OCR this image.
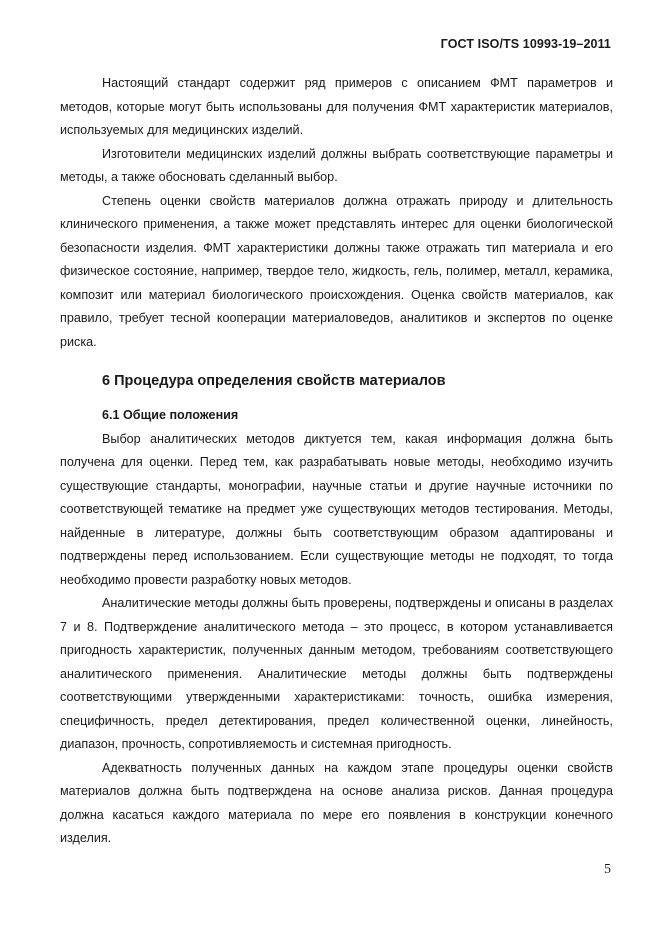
ГОСТ ISO/TS 10993-19–2011

Настоящий стандарт содержит ряд примеров с описанием ФМТ параметров и методов, которые могут быть использованы для получения ФМТ характеристик материалов, используемых для медицинских изделий.

Изготовители медицинских изделий должны выбрать соответствующие параметры и методы, а также обосновать сделанный выбор.

Степень оценки свойств материалов должна отражать природу и длительность клинического применения, а также может представлять интерес для оценки биологической безопасности изделия. ФМТ характеристики должны также отражать тип материала и его физическое состояние, например, твердое тело, жидкость, гель, полимер, металл, керамика, композит или материал биологического происхождения. Оценка свойств материалов, как правило, требует тесной кооперации материаловедов, аналитиков и экспертов по оценке риска.

6 Процедура определения свойств материалов
6.1 Общие положения

Выбор аналитических методов диктуется тем, какая информация должна быть получена для оценки. Перед тем, как разрабатывать новые методы, необходимо изучить существующие стандарты, монографии, научные статьи и другие научные источники по соответствующей тематике на предмет уже существующих методов тестирования. Методы, найденные в литературе, должны быть соответствующим образом адаптированы и подтверждены перед использованием. Если существующие методы не подходят, то тогда необходимо провести разработку новых методов.

Аналитические методы должны быть проверены, подтверждены и описаны в разделах 7 и 8. Подтверждение аналитического метода – это процесс, в котором устанавливается пригодность характеристик, полученных данным методом, требованиям соответствующего аналитического применения. Аналитические методы должны быть подтверждены соответствующими утвержденными характеристиками: точность, ошибка измерения, специфичность, предел детектирования, предел количественной оценки, линейность, диапазон, прочность, сопротивляемость и системная пригодность.

Адекватность полученных данных на каждом этапе процедуры оценки свойств материалов должна быть подтверждена на основе анализа рисков. Данная процедура должна касаться каждого материала по мере его появления в конструкции конечного изделия.

5
